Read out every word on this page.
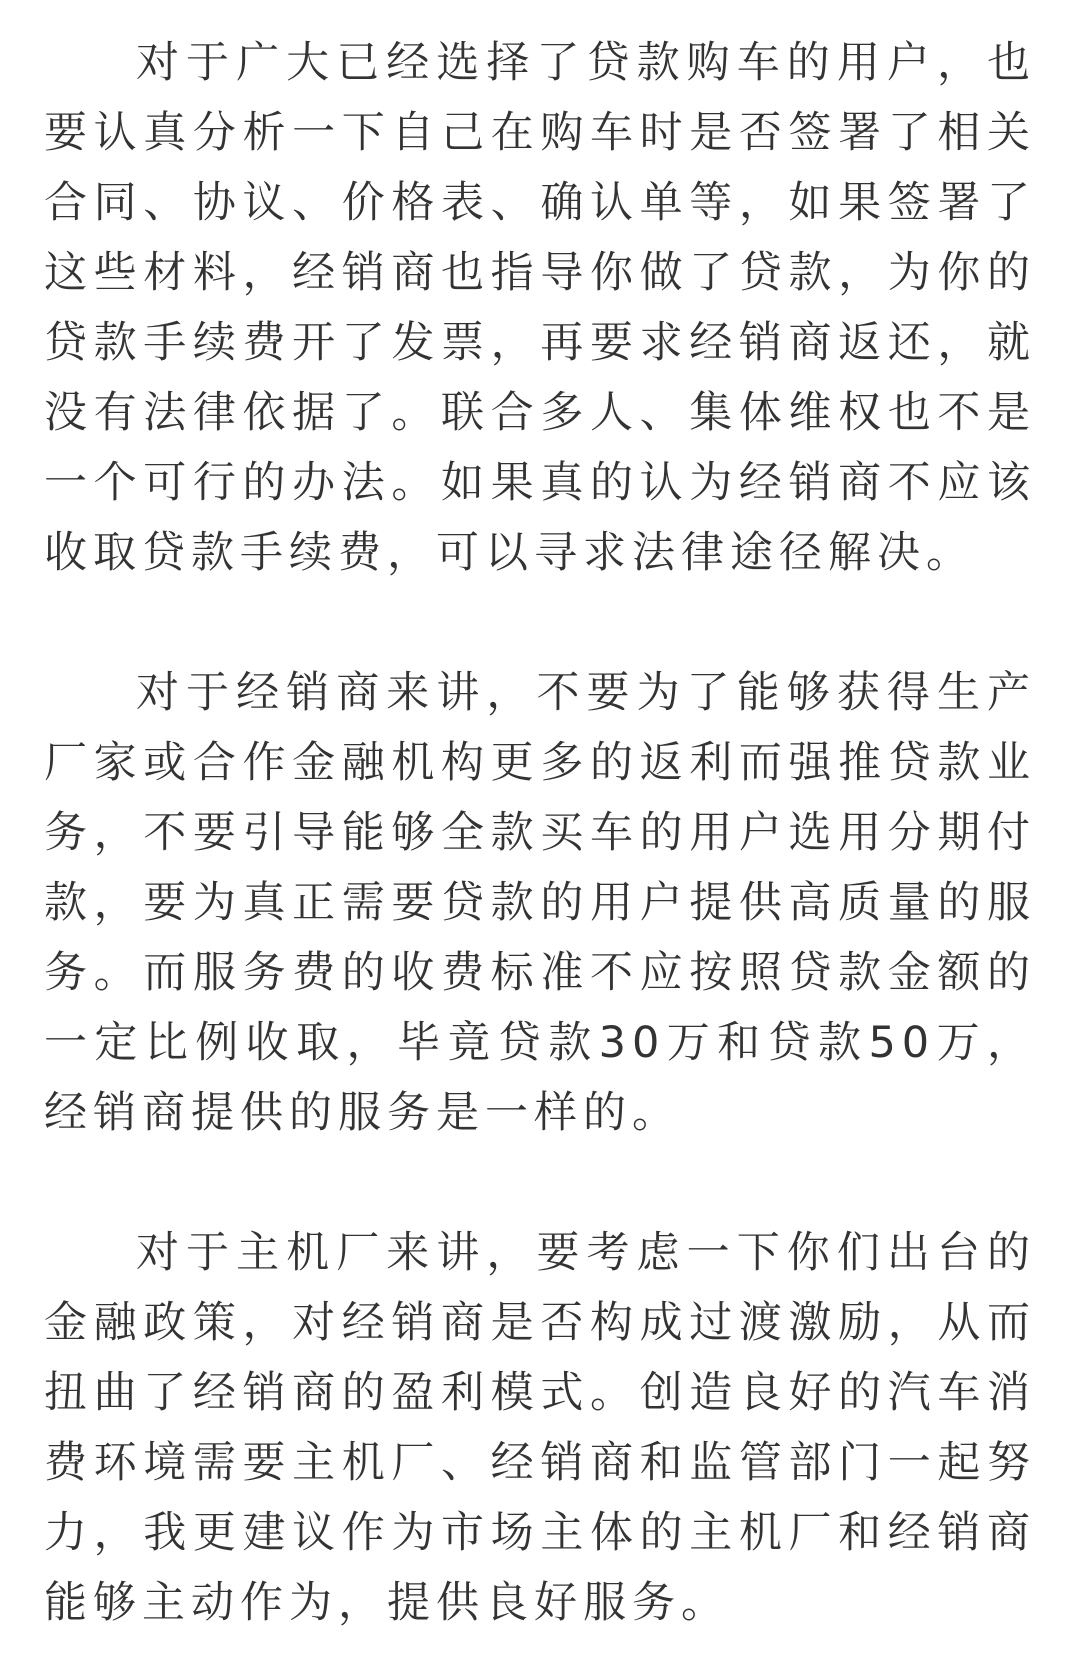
对于广大已经选择了贷款购车的用户，也要认真分析一下自己在购车时是否签署了相关合同、协议、价格表、确认单等，如果签署了这些材料，经销商也指导你做了贷款，为你的贷款手续费开了发票，再要求经销商返还，就没有法律依据了。联合多人、集体维权也不是一个可行的办法。如果真的认为经销商不应该收取贷款手续费，可以寻求法律途径解决。

对于经销商来讲，不要为了能够获得生产厂家或合作金融机构更多的返利而强推贷款业务，不要引导能够全款买车的用户选用分期付款，要为真正需要贷款的用户提供高质量的服务。而服务费的收费标准不应按照贷款金额的一定比例收取，毕竟贷款30万和贷款50万，经销商提供的服务是一样的。

对于主机厂来讲，要考虑一下你们出台的金融政策，对经销商是否构成过渡激励，从而扭曲了经销商的盈利模式。创造良好的汽车消费环境需要主机厂、经销商和监管部门一起努力，我更建议作为市场主体的主机厂和经销商能够主动作为，提供良好服务。
